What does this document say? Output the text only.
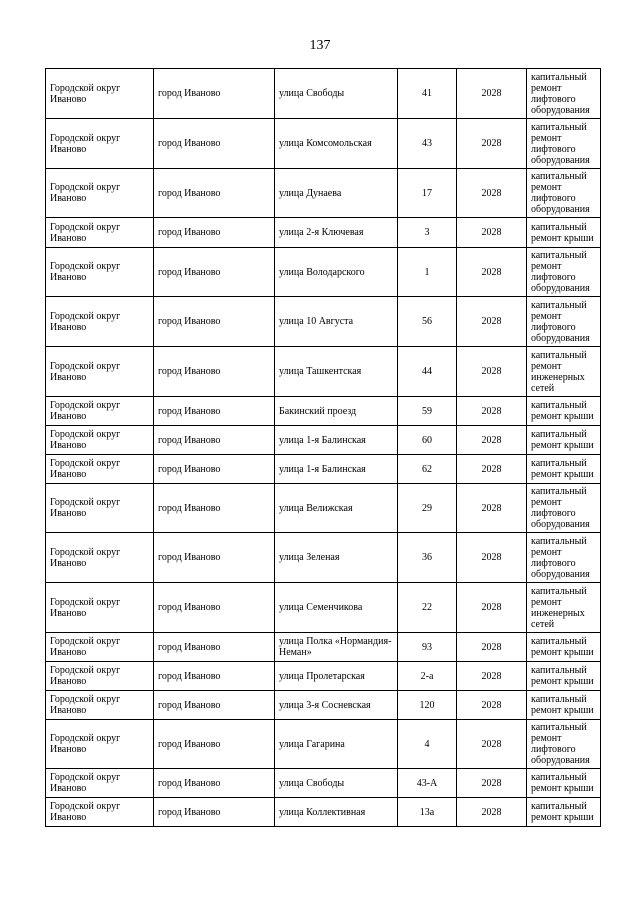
137
Городской округ Иваново	город Иваново	улица Свободы	41	2028	капитальный ремонт лифтового оборудования
Городской округ Иваново	город Иваново	улица Комсомольская	43	2028	капитальный ремонт лифтового оборудования
Городской округ Иваново	город Иваново	улица Дунаева	17	2028	капитальный ремонт лифтового оборудования
Городской округ Иваново	город Иваново	улица 2-я Ключевая	3	2028	капитальный ремонт крыши
Городской округ Иваново	город Иваново	улица Володарского	1	2028	капитальный ремонт лифтового оборудования
Городской округ Иваново	город Иваново	улица 10 Августа	56	2028	капитальный ремонт лифтового оборудования
Городской округ Иваново	город Иваново	улица Ташкентская	44	2028	капитальный ремонт инженерных сетей
Городской округ Иваново	город Иваново	Бакинский проезд	59	2028	капитальный ремонт крыши
Городской округ Иваново	город Иваново	улица 1-я Балинская	60	2028	капитальный ремонт крыши
Городской округ Иваново	город Иваново	улица 1-я Балинская	62	2028	капитальный ремонт крыши
Городской округ Иваново	город Иваново	улица Велижская	29	2028	капитальный ремонт лифтового оборудования
Городской округ Иваново	город Иваново	улица Зеленая	36	2028	капитальный ремонт лифтового оборудования
Городской округ Иваново	город Иваново	улица Семенчикова	22	2028	капитальный ремонт инженерных сетей
Городской округ Иваново	город Иваново	улица Полка «Нормандия-Неман»	93	2028	капитальный ремонт крыши
Городской округ Иваново	город Иваново	улица Пролетарская	2-а	2028	капитальный ремонт крыши
Городской округ Иваново	город Иваново	улица 3-я Сосневская	120	2028	капитальный ремонт крыши
Городской округ Иваново	город Иваново	улица Гагарина	4	2028	капитальный ремонт лифтового оборудования
Городской округ Иваново	город Иваново	улица Свободы	43-А	2028	капитальный ремонт крыши
Городской округ Иваново	город Иваново	улица Коллективная	13а	2028	капитальный ремонт крыши
